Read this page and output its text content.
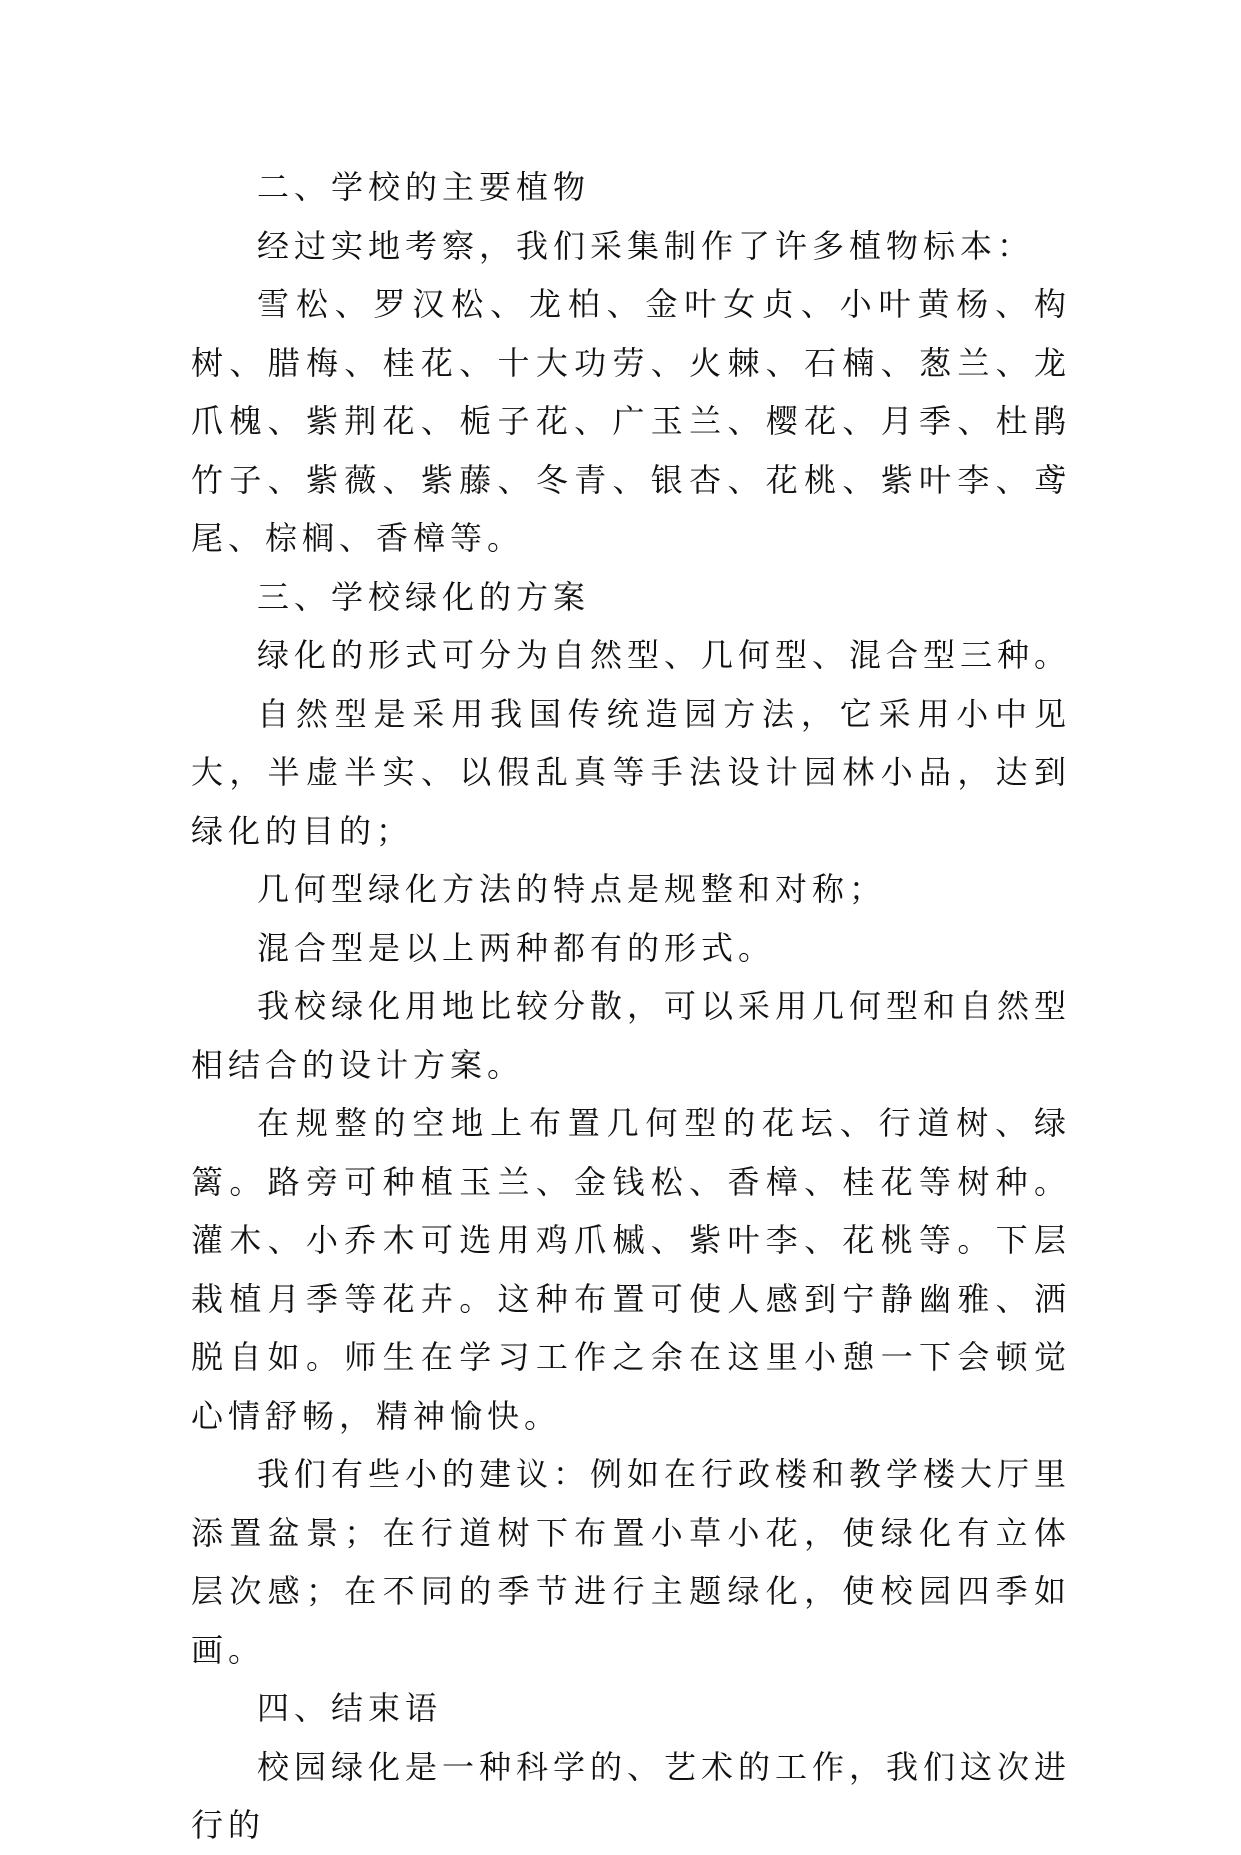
二、学校的主要植物

经过实地考察，我们采集制作了许多植物标本：

雪松、罗汉松、龙柏、金叶女贞、小叶黄杨、构树、腊梅、桂花、十大功劳、火棘、石楠、葱兰、龙爪槐、紫荆花、栀子花、广玉兰、樱花、月季、杜鹃竹子、紫薇、紫藤、冬青、银杏、花桃、紫叶李、鸢尾、棕榈、香樟等。

三、学校绿化的方案

绿化的形式可分为自然型、几何型、混合型三种。

自然型是采用我国传统造园方法，它采用小中见大，半虚半实、以假乱真等手法设计园林小品，达到绿化的目的；

几何型绿化方法的特点是规整和对称；

混合型是以上两种都有的形式。

我校绿化用地比较分散，可以采用几何型和自然型相结合的设计方案。

在规整的空地上布置几何型的花坛、行道树、绿篱。路旁可种植玉兰、金钱松、香樟、桂花等树种。灌木、小乔木可选用鸡爪槭、紫叶李、花桃等。下层栽植月季等花卉。这种布置可使人感到宁静幽雅、洒脱自如。师生在学习工作之余在这里小憩一下会顿觉心情舒畅，精神愉快。

我们有些小的建议：例如在行政楼和教学楼大厅里添置盆景；在行道树下布置小草小花，使绿化有立体层次感；在不同的季节进行主题绿化，使校园四季如画。

四、结束语

校园绿化是一种科学的、艺术的工作，我们这次进行的
